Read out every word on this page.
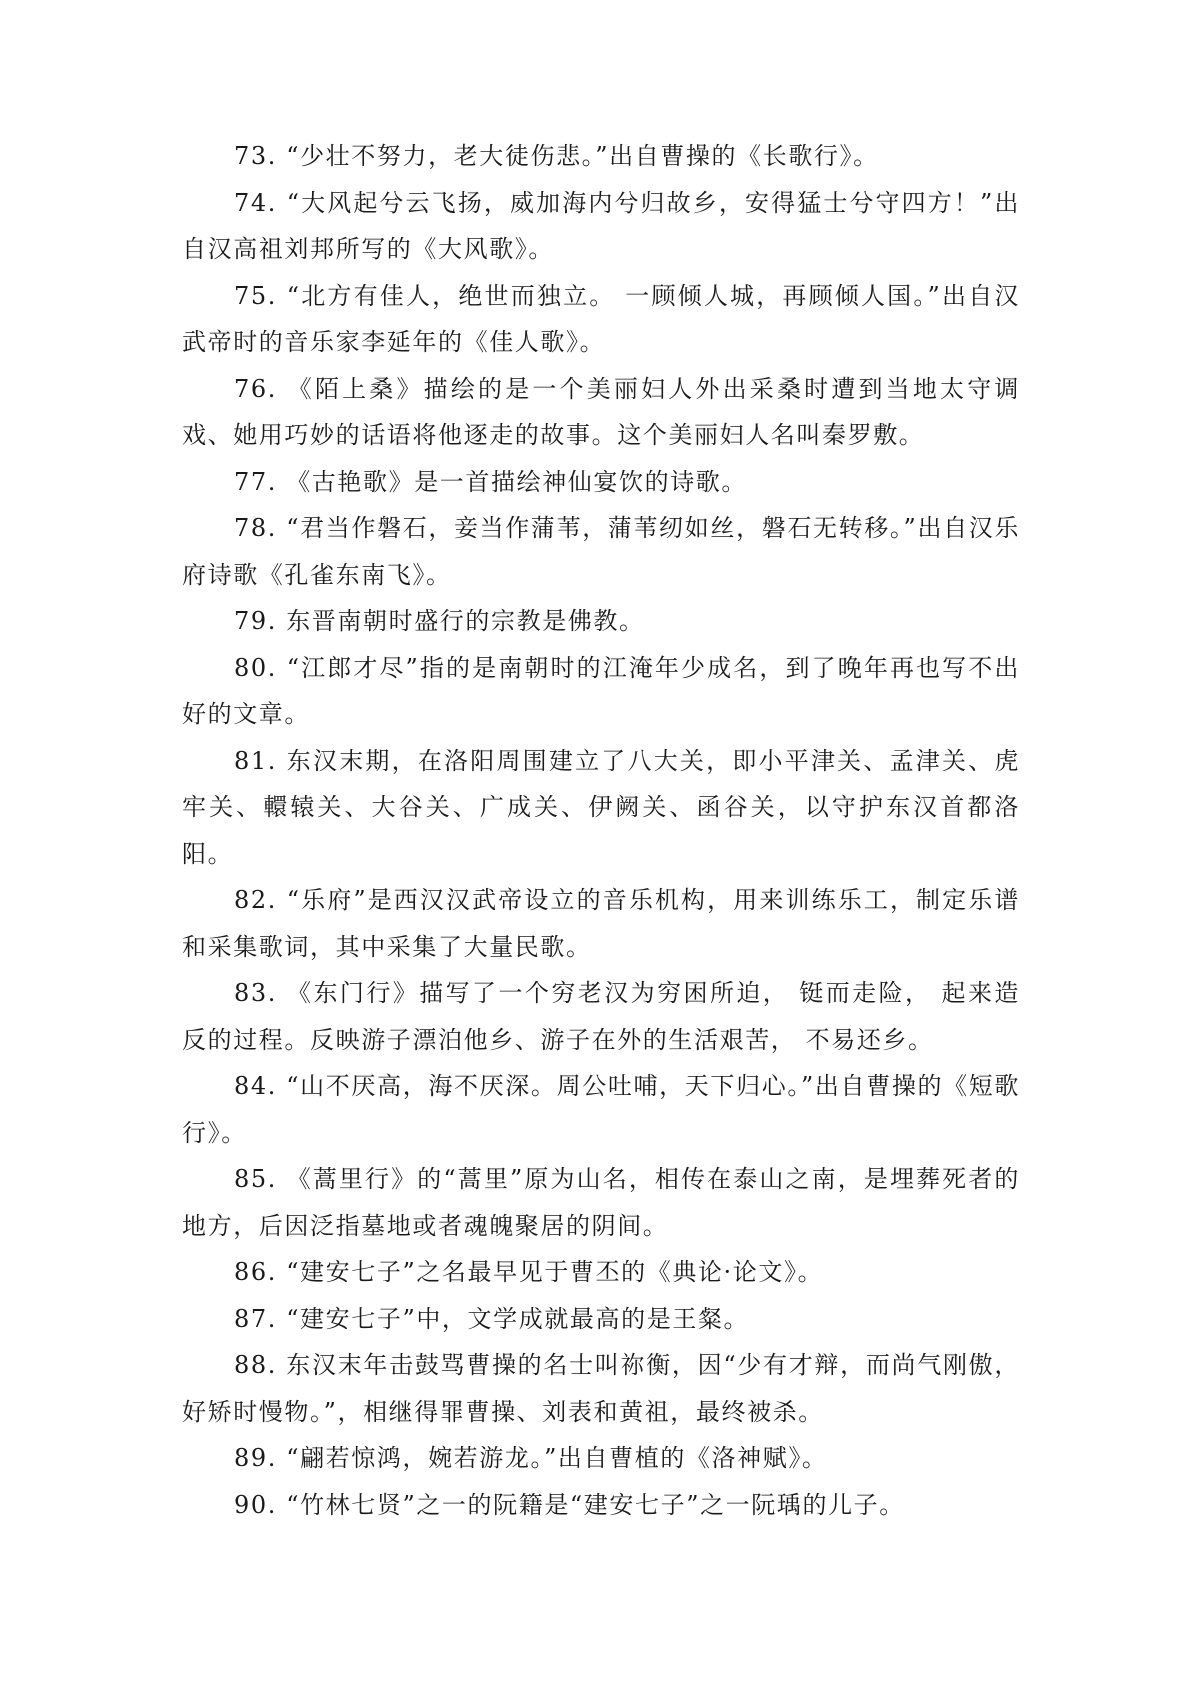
73. “少壮不努力，老大徒伤悲。”出自曹操的《长歌行》。

74. “大风起兮云飞扬，威加海内兮归故乡，安得猛士兮守四方！”出自汉高祖刘邦所写的《大风歌》。

75. “北方有佳人，绝世而独立。 一顾倾人城，再顾倾人国。”出自汉武帝时的音乐家李延年的《佳人歌》。

76. 《陌上桑》描绘的是一个美丽妇人外出采桑时遭到当地太守调戏、她用巧妙的话语将他逐走的故事。这个美丽妇人名叫秦罗敷。

77. 《古艳歌》是一首描绘神仙宴饮的诗歌。

78. “君当作磐石，妾当作蒲苇，蒲苇纫如丝，磐石无转移。”出自汉乐府诗歌《孔雀东南飞》。

79. 东晋南朝时盛行的宗教是佛教。

80. “江郎才尽”指的是南朝时的江淹年少成名，到了晚年再也写不出好的文章。

81. 东汉末期，在洛阳周围建立了八大关，即小平津关、孟津关、虎牢关、轘辕关、大谷关、广成关、伊阙关、函谷关，以守护东汉首都洛阳。

82. “乐府”是西汉汉武帝设立的音乐机构，用来训练乐工，制定乐谱和采集歌词，其中采集了大量民歌。

83. 《东门行》描写了一个穷老汉为穷困所迫， 铤而走险， 起来造反的过程。反映游子漂泊他乡、游子在外的生活艰苦， 不易还乡。

84. “山不厌高，海不厌深。周公吐哺，天下归心。”出自曹操的《短歌行》。

85. 《蒿里行》的“蒿里”原为山名，相传在泰山之南，是埋葬死者的地方，后因泛指墓地或者魂魄聚居的阴间。

86. “建安七子”之名最早见于曹丕的《典论·论文》。

87. “建安七子”中，文学成就最高的是王粲。

88. 东汉末年击鼓骂曹操的名士叫祢衡，因“少有才辩，而尚气刚傲，好矫时慢物。”，相继得罪曹操、刘表和黄祖，最终被杀。

89. “翩若惊鸿，婉若游龙。”出自曹植的《洛神赋》。

90. “竹林七贤”之一的阮籍是“建安七子”之一阮瑀的儿子。
